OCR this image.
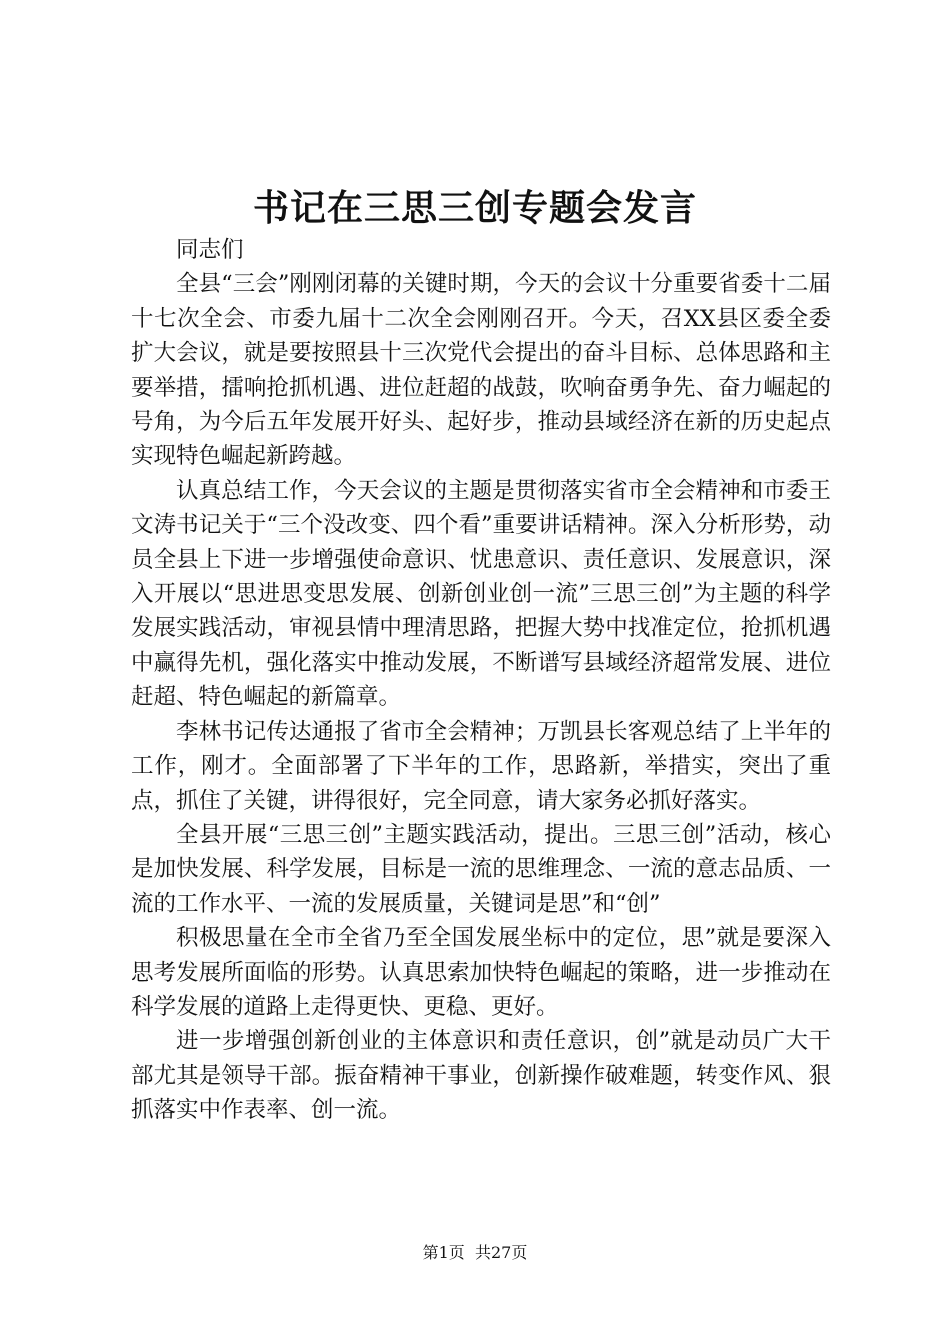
书记在三思三创专题会发言

同志们

全县“三会”刚刚闭幕的关键时期，今天的会议十分重要省委十二届十七次全会、市委九届十二次全会刚刚召开。今天，召XX县区委全委扩大会议，就是要按照县十三次党代会提出的奋斗目标、总体思路和主要举措，擂响抢抓机遇、进位赶超的战鼓，吹响奋勇争先、奋力崛起的号角，为今后五年发展开好头、起好步，推动县域经济在新的历史起点实现特色崛起新跨越。

认真总结工作，今天会议的主题是贯彻落实省市全会精神和市委王文涛书记关于“三个没改变、四个看”重要讲话精神。深入分析形势，动员全县上下进一步增强使命意识、忧患意识、责任意识、发展意识，深入开展以“思进思变思发展、创新创业创一流”三思三创”为主题的科学发展实践活动，审视县情中理清思路，把握大势中找准定位，抢抓机遇中赢得先机，强化落实中推动发展，不断谱写县域经济超常发展、进位赶超、特色崛起的新篇章。

李林书记传达通报了省市全会精神；万凯县长客观总结了上半年的工作，刚才。全面部署了下半年的工作，思路新，举措实，突出了重点，抓住了关键，讲得很好，完全同意，请大家务必抓好落实。

全县开展“三思三创”主题实践活动，提出。三思三创”活动，核心是加快发展、科学发展，目标是一流的思维理念、一流的意志品质、一流的工作水平、一流的发展质量，关键词是思”和“创”

积极思量在全市全省乃至全国发展坐标中的定位，思”就是要深入思考发展所面临的形势。认真思索加快特色崛起的策略，进一步推动在科学发展的道路上走得更快、更稳、更好。

进一步增强创新创业的主体意识和责任意识，创”就是动员广大干部尤其是领导干部。振奋精神干事业，创新操作破难题，转变作风、狠抓落实中作表率、创一流。

第1页 共27页
